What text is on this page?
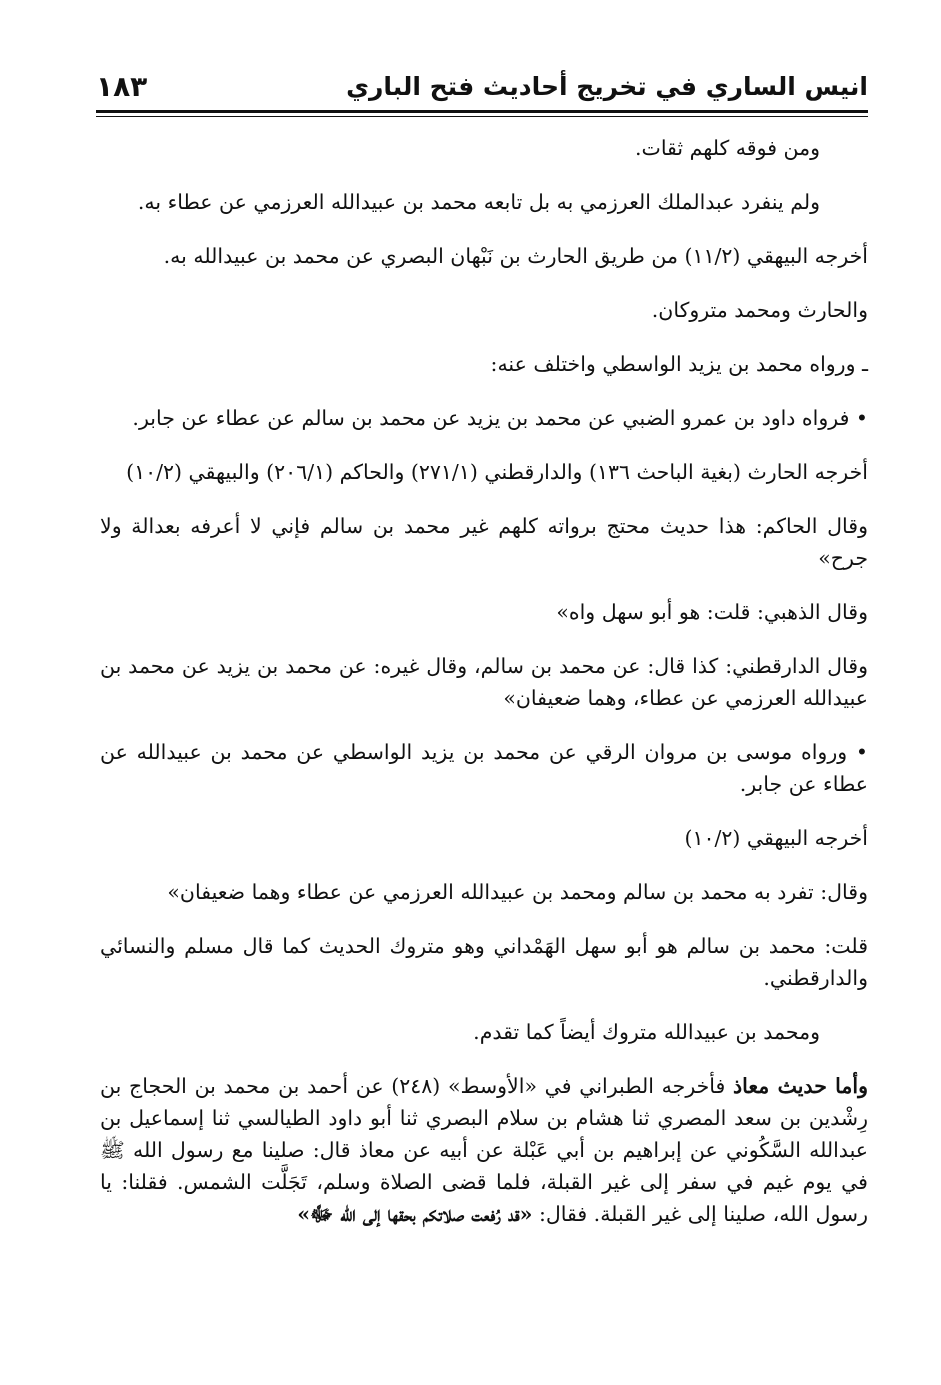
انيس الساري في تخريج أحاديث فتح الباري
١٨٣

ومن فوقه كلهم ثقات.

ولم ينفرد عبدالملك العرزمي به بل تابعه محمد بن عبيدالله العرزمي عن عطاء به.

أخرجه البيهقي (١١/٢) من طريق الحارث بن نَبْهان البصري عن محمد بن عبيدالله به.

والحارث ومحمد متروكان.

ـ ورواه محمد بن يزيد الواسطي واختلف عنه:

• فرواه داود بن عمرو الضبي عن محمد بن يزيد عن محمد بن سالم عن عطاء عن جابر.

أخرجه الحارث (بغية الباحث ١٣٦) والدارقطني (٢٧١/١) والحاكم (٢٠٦/١) والبيهقي (١٠/٢)

وقال الحاكم: هذا حديث محتج برواته كلهم غير محمد بن سالم فإني لا أعرفه بعدالة ولا جرح»

وقال الذهبي: قلت: هو أبو سهل واه»

وقال الدارقطني: كذا قال: عن محمد بن سالم، وقال غيره: عن محمد بن يزيد عن محمد بن عبيدالله العرزمي عن عطاء، وهما ضعيفان»

• ورواه موسى بن مروان الرقي عن محمد بن يزيد الواسطي عن محمد بن عبيدالله عن عطاء عن جابر.

أخرجه البيهقي (١٠/٢)

وقال: تفرد به محمد بن سالم ومحمد بن عبيدالله العرزمي عن عطاء وهما ضعيفان»

قلت: محمد بن سالم هو أبو سهل الهَمْداني وهو متروك الحديث كما قال مسلم والنسائي والدارقطني.

ومحمد بن عبيدالله متروك أيضاً كما تقدم.

وأما حديث معاذ فأخرجه الطبراني في «الأوسط» (٢٤٨) عن أحمد بن محمد بن الحجاج بن رِشْدين بن سعد المصري ثنا هشام بن سلام البصري ثنا أبو داود الطيالسي ثنا إسماعيل بن عبدالله السَّكُوني عن إبراهيم بن أبي عَبْلة عن أبيه عن معاذ قال: صلينا مع رسول الله ﷺ في يوم غيم في سفر إلى غير القبلة، فلما قضى الصلاة وسلم، تَجَلَّت الشمس. فقلنا: يا رسول الله، صلينا إلى غير القبلة. فقال: «قد رُفعت صلاتكم بحقها إلى الله ﷻ»
